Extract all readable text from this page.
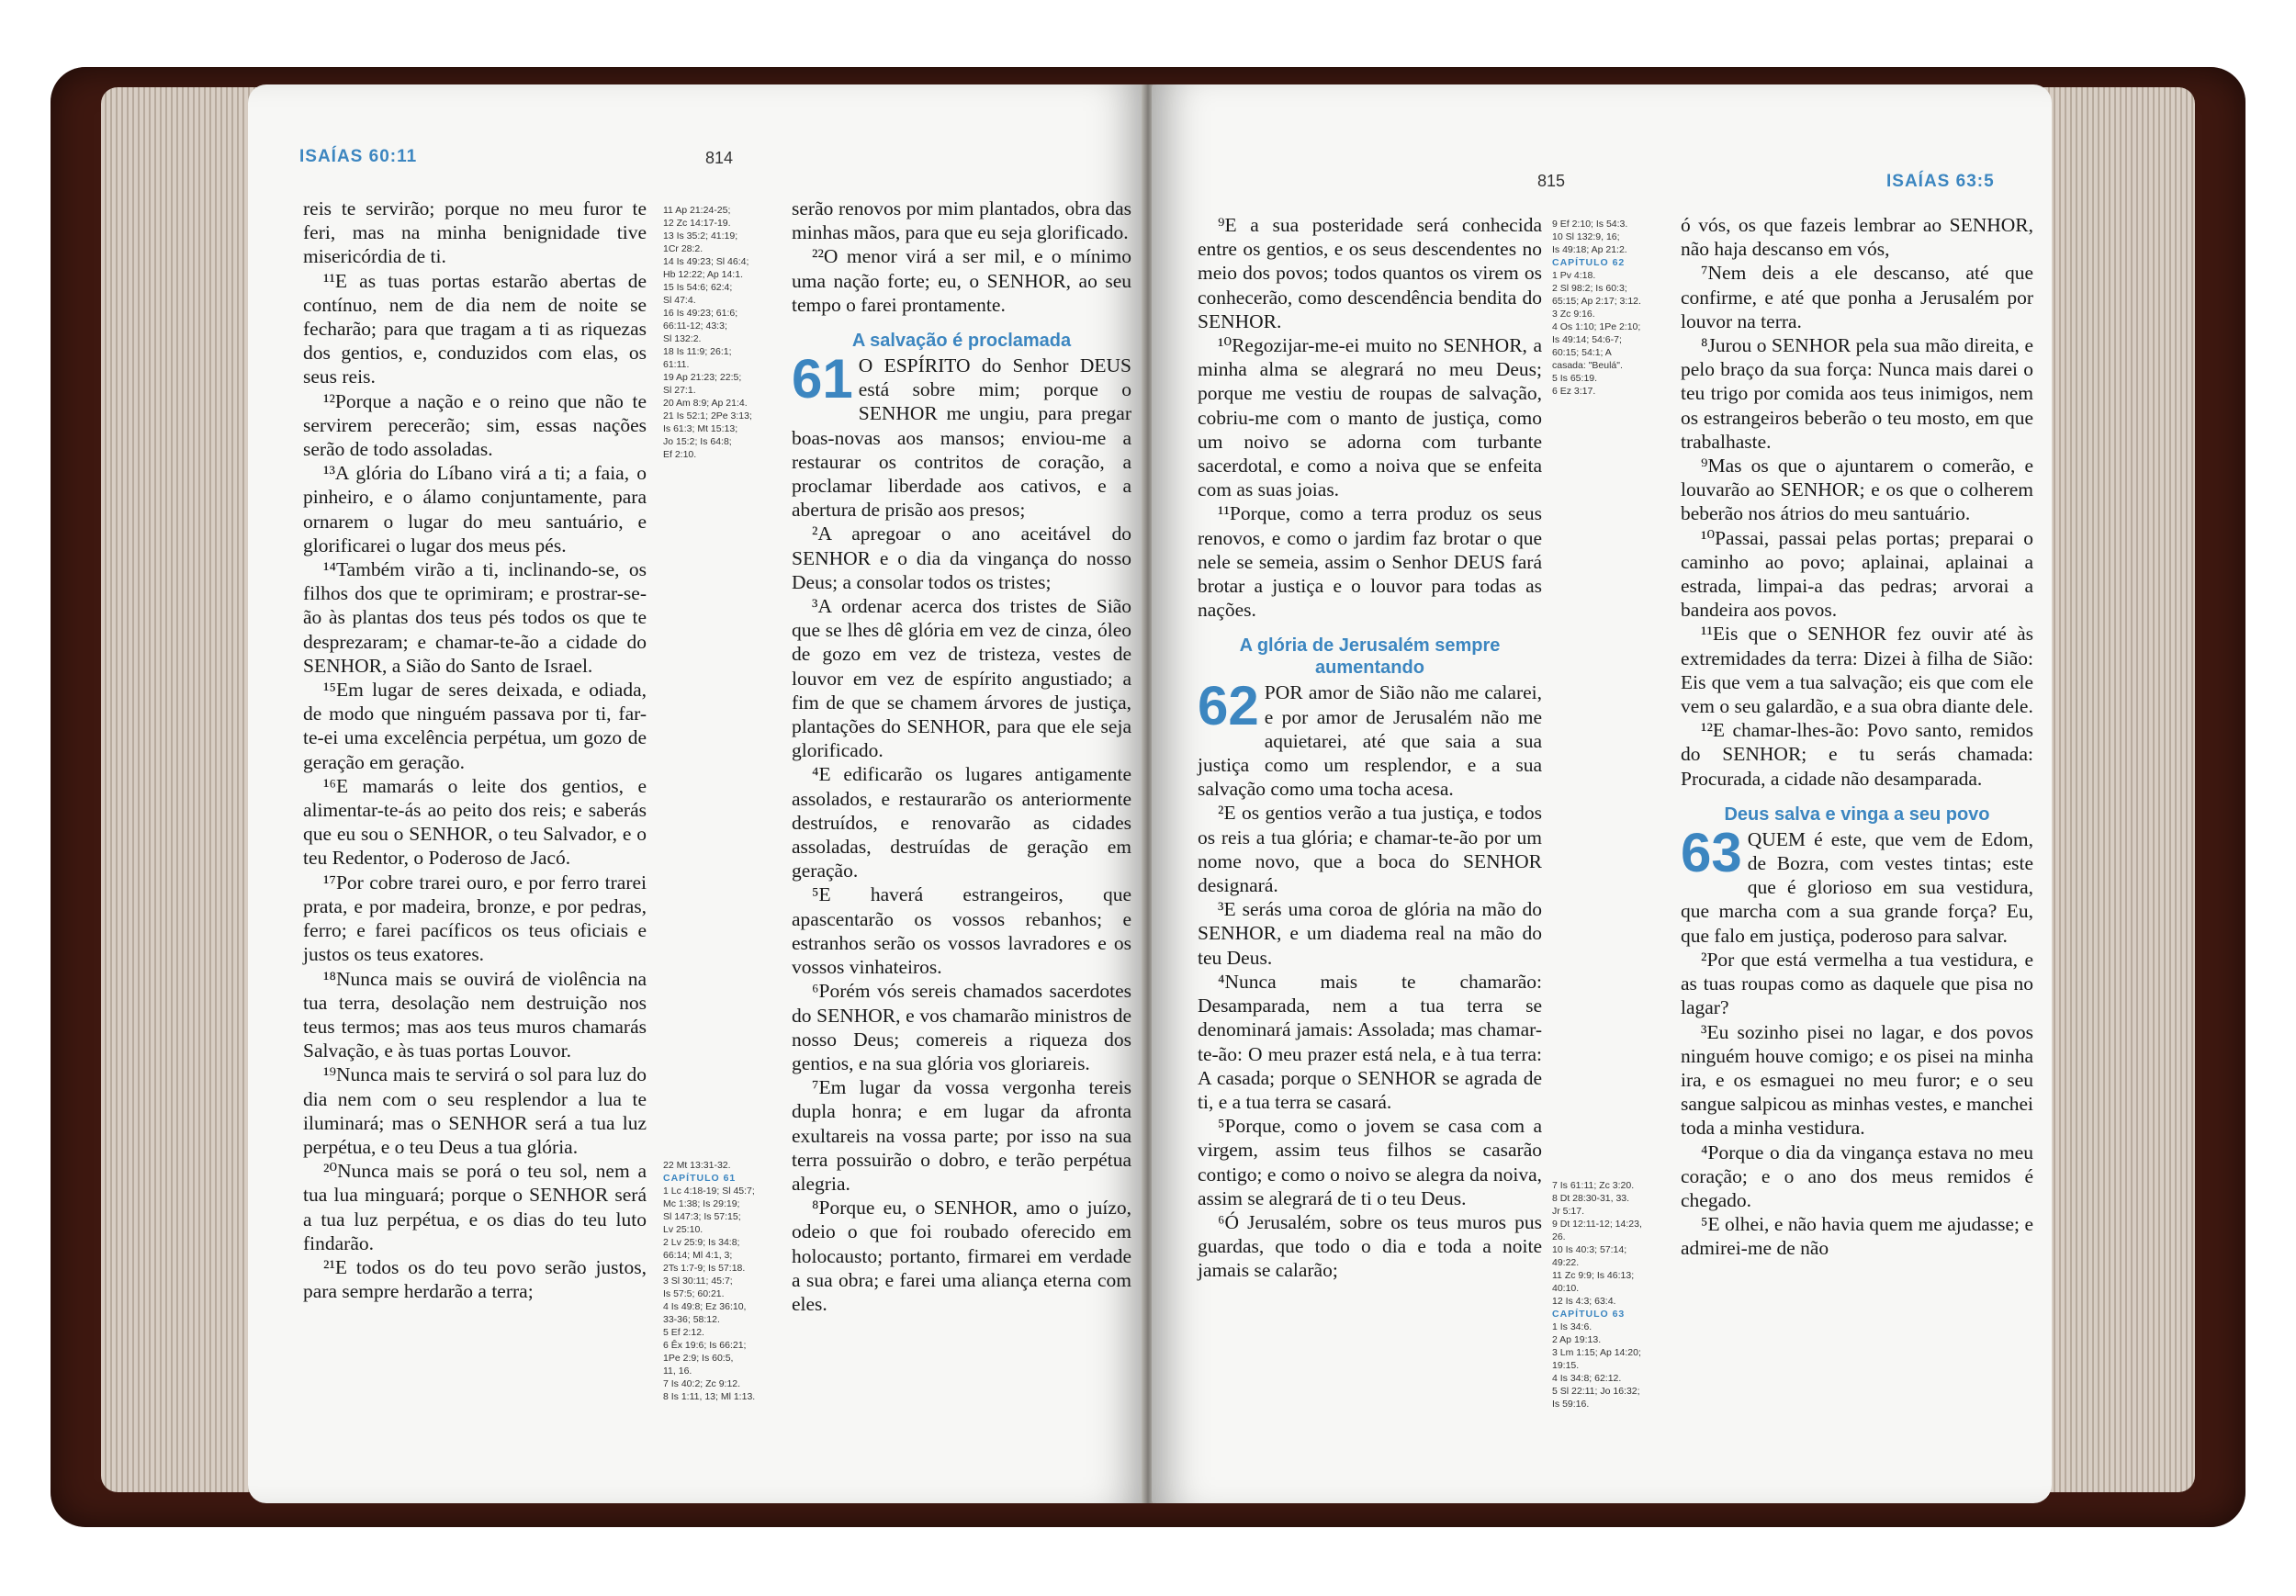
ISAÍAS 60:11	814

reis te servirão; porque no meu furor te feri, mas na minha benignidade tive misericórdia de ti.

¹¹E as tuas portas estarão abertas de contínuo, nem de dia nem de noite se fecharão; para que tragam a ti as riquezas dos gentios, e, conduzidos com elas, os seus reis.

¹²Porque a nação e o reino que não te servirem perecerão; sim, essas nações serão de todo assoladas.

¹³A glória do Líbano virá a ti; a faia, o pinheiro, e o álamo conjuntamente, para ornarem o lugar do meu santuário, e glorificarei o lugar dos meus pés.

¹⁴Também virão a ti, inclinando-se, os filhos dos que te oprimiram; e prostrar-se-ão às plantas dos teus pés todos os que te desprezaram; e chamar-te-ão a cidade do SENHOR, a Sião do Santo de Israel.

¹⁵Em lugar de seres deixada, e odiada, de modo que ninguém passava por ti, far-te-ei uma excelência perpétua, um gozo de geração em geração.

¹⁶E mamarás o leite dos gentios, e alimentar-te-ás ao peito dos reis; e saberás que eu sou o SENHOR, o teu Salvador, e o teu Redentor, o Poderoso de Jacó.

¹⁷Por cobre trarei ouro, e por ferro trarei prata, e por madeira, bronze, e por pedras, ferro; e farei pacíficos os teus oficiais e justos os teus exatores.

¹⁸Nunca mais se ouvirá de violência na tua terra, desolação nem destruição nos teus termos; mas aos teus muros chamarás Salvação, e às tuas portas Louvor.

¹⁹Nunca mais te servirá o sol para luz do dia nem com o seu resplendor a lua te iluminará; mas o SENHOR será a tua luz perpétua, e o teu Deus a tua glória.

²⁰Nunca mais se porá o teu sol, nem a tua lua minguará; porque o SENHOR será a tua luz perpétua, e os dias do teu luto findarão.

²¹E todos os do teu povo serão justos, para sempre herdarão a terra;

11 Ap 21:24-25;
12 Zc 14:17-19.
13 Is 35:2; 41:19;
1Cr 28:2.
14 Is 49:23; Sl 46:4;
Hb 12:22; Ap 14:1.
15 Is 54:6; 62:4;
Sl 47:4.
16 Is 49:23; 61:6;
66:11-12; 43:3;
Sl 132:2.
18 Is 11:9; 26:1;
61:11.
19 Ap 21:23; 22:5;
Sl 27:1.
20 Am 8:9; Ap 21:4.
21 Is 52:1; 2Pe 3:13;
Is 61:3; Mt 15:13;
Jo 15:2; Is 64:8;
Ef 2:10.
22 Mt 13:31-32.
CAPÍTULO 61
1 Lc 4:18-19; Sl 45:7;
Mc 1:38; Is 29:19;
Sl 147:3; Is 57:15;
Lv 25:10.
2 Lv 25:9; Is 34:8;
66:14; Ml 4:1, 3;
2Ts 1:7-9; Is 57:18.
3 Sl 30:11; 45:7;
Is 57:5; 60:21.
4 Is 49:8; Ez 36:10,
33-36; 58:12.
5 Ef 2:12.
6 Êx 19:6; Is 66:21;
1Pe 2:9; Is 60:5,
11, 16.
7 Is 40:2; Zc 9:12.
8 Is 1:11, 13; Ml 1:13.

serão renovos por mim plantados, obra das minhas mãos, para que eu seja glorificado.

²²O menor virá a ser mil, e o mínimo uma nação forte; eu, o SENHOR, ao seu tempo o farei prontamente.

A salvação é proclamada
61 O ESPÍRITO do Senhor DEUS está sobre mim; porque o SENHOR me ungiu, para pregar boas-novas aos mansos; enviou-me a restaurar os contritos de coração, a proclamar liberdade aos cativos, e a abertura de prisão aos presos;

²A apregoar o ano aceitável do SENHOR e o dia da vingança do nosso Deus; a consolar todos os tristes;

³A ordenar acerca dos tristes de Sião que se lhes dê glória em vez de cinza, óleo de gozo em vez de tristeza, vestes de louvor em vez de espírito angustiado; a fim de que se chamem árvores de justiça, plantações do SENHOR, para que ele seja glorificado.

⁴E edificarão os lugares antigamente assolados, e restaurarão os anteriormente destruídos, e renovarão as cidades assoladas, destruídas de geração em geração.

⁵E haverá estrangeiros, que apascentarão os vossos rebanhos; e estranhos serão os vossos lavradores e os vossos vinhateiros.

⁶Porém vós sereis chamados sacerdotes do SENHOR, e vos chamarão ministros de nosso Deus; comereis a riqueza dos gentios, e na sua glória vos gloriareis.

⁷Em lugar da vossa vergonha tereis dupla honra; e em lugar da afronta exultareis na vossa parte; por isso na sua terra possuirão o dobro, e terão perpétua alegria.

⁸Porque eu, o SENHOR, amo o juízo, odeio o que foi roubado oferecido em holocausto; portanto, firmarei em verdade a sua obra; e farei uma aliança eterna com eles.

815	ISAÍAS 63:5

⁹E a sua posteridade será conhecida entre os gentios, e os seus descendentes no meio dos povos; todos quantos os virem os conhecerão, como descendência bendita do SENHOR.

¹⁰Regozijar-me-ei muito no SENHOR, a minha alma se alegrará no meu Deus; porque me vestiu de roupas de salvação, cobriu-me com o manto de justiça, como um noivo se adorna com turbante sacerdotal, e como a noiva que se enfeita com as suas joias.

¹¹Porque, como a terra produz os seus renovos, e como o jardim faz brotar o que nele se semeia, assim o Senhor DEUS fará brotar a justiça e o louvor para todas as nações.

A glória de Jerusalém sempre aumentando
62 POR amor de Sião não me calarei, e por amor de Jerusalém não me aquietarei, até que saia a sua justiça como um resplendor, e a sua salvação como uma tocha acesa.

²E os gentios verão a tua justiça, e todos os reis a tua glória; e chamar-te-ão por um nome novo, que a boca do SENHOR designará.

³E serás uma coroa de glória na mão do SENHOR, e um diadema real na mão do teu Deus.

⁴Nunca mais te chamarão: Desamparada, nem a tua terra se denominará jamais: Assolada; mas chamar-te-ão: O meu prazer está nela, e à tua terra: A casada; porque o SENHOR se agrada de ti, e a tua terra se casará.

⁵Porque, como o jovem se casa com a virgem, assim teus filhos se casarão contigo; e como o noivo se alegra da noiva, assim se alegrará de ti o teu Deus.

⁶Ó Jerusalém, sobre os teus muros pus guardas, que todo o dia e toda a noite jamais se calarão;

9 Ef 2:10; Is 54:3.
10 Sl 132:9, 16;
Is 49:18; Ap 21:2.
CAPÍTULO 62
1 Pv 4:18.
2 Sl 98:2; Is 60:3;
65:15; Ap 2:17; 3:12.
3 Zc 9:16.
4 Os 1:10; 1Pe 2:10;
Is 49:14; 54:6-7;
60:15; 54:1; A
casada: "Beulá".
5 Is 65:19.
6 Ez 3:17.
7 Is 61:11; Zc 3:20.
8 Dt 28:30-31, 33.
Jr 5:17.
9 Dt 12:11-12; 14:23,
26.
10 Is 40:3; 57:14;
49:22.
11 Zc 9:9; Is 46:13;
40:10.
12 Is 4:3; 63:4.
CAPÍTULO 63
1 Is 34:6.
2 Ap 19:13.
3 Lm 1:15; Ap 14:20;
19:15.
4 Is 34:8; 62:12.
5 Sl 22:11; Jo 16:32;
Is 59:16.

ó vós, os que fazeis lembrar ao SENHOR, não haja descanso em vós,

⁷Nem deis a ele descanso, até que confirme, e até que ponha a Jerusalém por louvor na terra.

⁸Jurou o SENHOR pela sua mão direita, e pelo braço da sua força: Nunca mais darei o teu trigo por comida aos teus inimigos, nem os estrangeiros beberão o teu mosto, em que trabalhaste.

⁹Mas os que o ajuntarem o comerão, e louvarão ao SENHOR; e os que o colherem beberão nos átrios do meu santuário.

¹⁰Passai, passai pelas portas; preparai o caminho ao povo; aplainai, aplainai a estrada, limpai-a das pedras; arvorai a bandeira aos povos.

¹¹Eis que o SENHOR fez ouvir até às extremidades da terra: Dizei à filha de Sião: Eis que vem a tua salvação; eis que com ele vem o seu galardão, e a sua obra diante dele.

¹²E chamar-lhes-ão: Povo santo, remidos do SENHOR; e tu serás chamada: Procurada, a cidade não desamparada.

Deus salva e vinga a seu povo
63 QUEM é este, que vem de Edom, de Bozra, com vestes tintas; este que é glorioso em sua vestidura, que marcha com a sua grande força? Eu, que falo em justiça, poderoso para salvar.

²Por que está vermelha a tua vestidura, e as tuas roupas como as daquele que pisa no lagar?

³Eu sozinho pisei no lagar, e dos povos ninguém houve comigo; e os pisei na minha ira, e os esmaguei no meu furor; e o seu sangue salpicou as minhas vestes, e manchei toda a minha vestidura.

⁴Porque o dia da vingança estava no meu coração; e o ano dos meus remidos é chegado.

⁵E olhei, e não havia quem me ajudasse; e admirei-me de não
